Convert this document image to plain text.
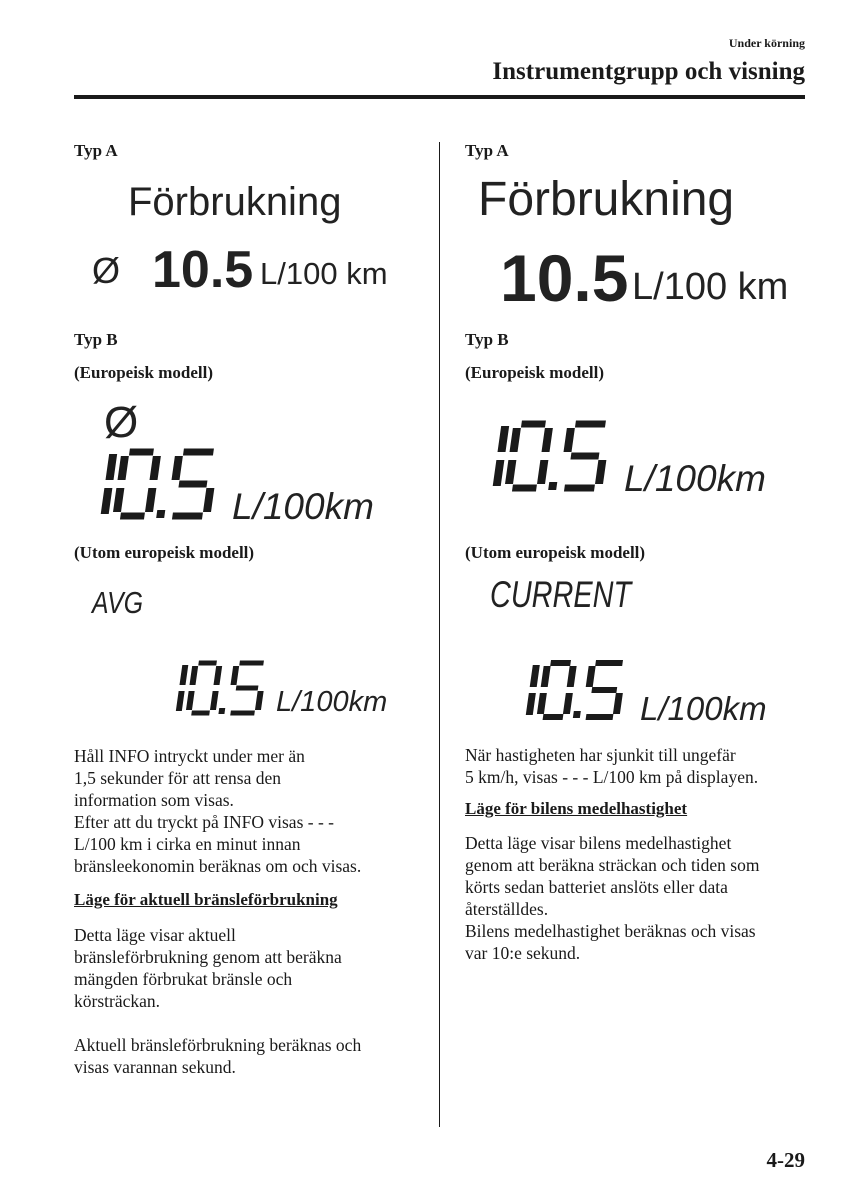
Under körning
Instrumentgrupp och visning
Typ A
Förbrukning
Ø 10.5 L/100 km
Typ B
(Europeisk modell)
Ø
L/100km
(Utom europeisk modell)
AVG
L/100km

Håll INFO intryckt under mer än

1,5 sekunder för att rensa den

information som visas.

Efter att du tryckt på INFO visas - - -

L/100 km i cirka en minut innan

bränsleekonomin beräknas om och visas.

Läge för aktuell bränsleförbrukning

Detta läge visar aktuell

bränsleförbrukning genom att beräkna

mängden förbrukat bränsle och

körsträckan.

Aktuell bränsleförbrukning beräknas och

visas varannan sekund.

Typ A
Förbrukning
10.5 L/100 km
Typ B
(Europeisk modell)
L/100km
(Utom europeisk modell)
CURRENT
L/100km

När hastigheten har sjunkit till ungefär

5 km/h, visas - - - L/100 km på displayen.

Läge för bilens medelhastighet

Detta läge visar bilens medelhastighet

genom att beräkna sträckan och tiden som

körts sedan batteriet anslöts eller data

återställdes.

Bilens medelhastighet beräknas och visas

var 10:e sekund.

4-29
